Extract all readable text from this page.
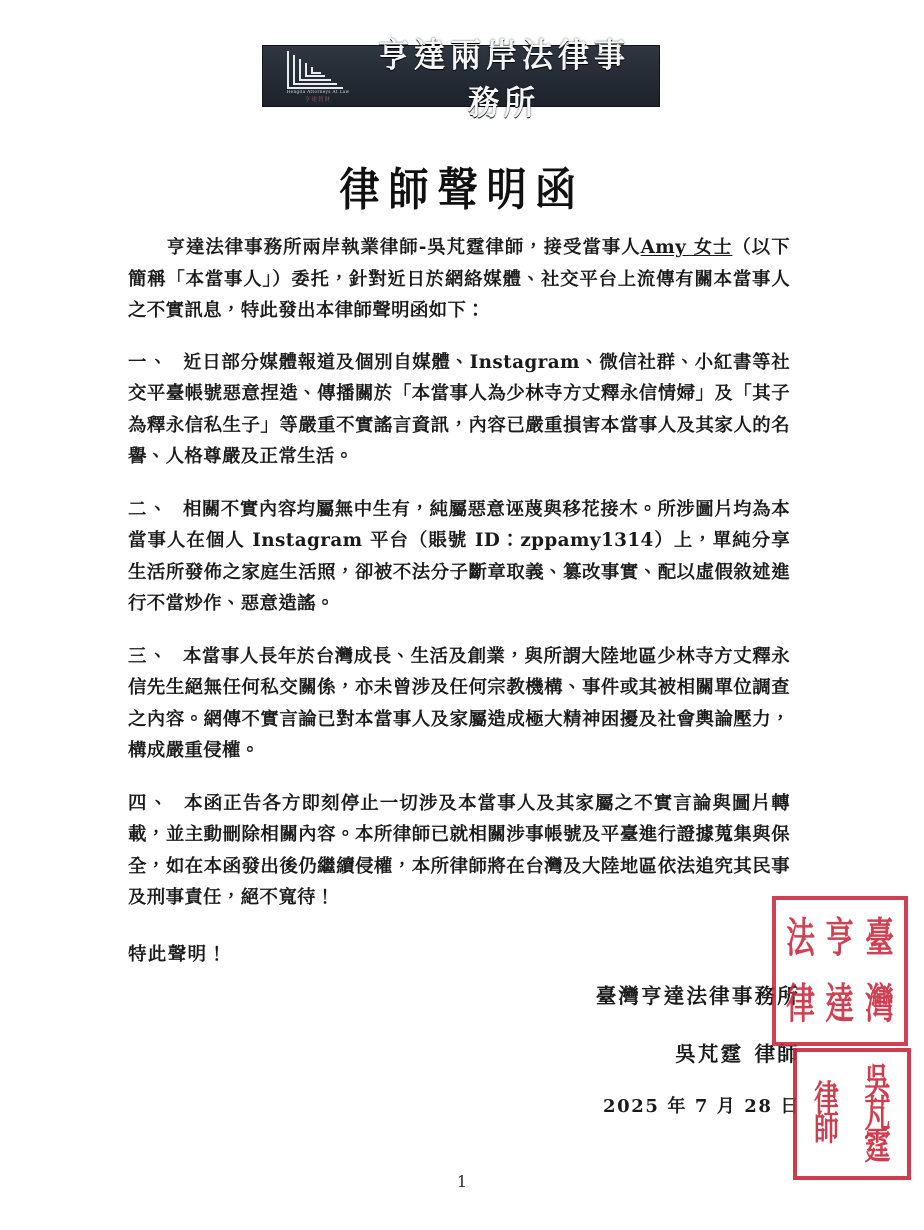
Hengda Attorneys At Law
亨達智財
亨達兩岸法律事務所
律師聲明函

亨達法律事務所兩岸執業律師-吳芃霆律師，接受當事人Amy 女士（以下簡稱「本當事人」）委托，針對近日於網絡媒體、社交平台上流傳有關本當事人之不實訊息，特此發出本律師聲明函如下：

一、 近日部分媒體報道及個別自媒體、Instagram、微信社群、小紅書等社交平臺帳號惡意捏造、傳播關於「本當事人為少林寺方丈釋永信情婦」及「其子為釋永信私生子」等嚴重不實謠言資訊，內容已嚴重損害本當事人及其家人的名譽、人格尊嚴及正常生活。

二、 相關不實內容均屬無中生有，純屬惡意诬蔑與移花接木。所涉圖片均為本當事人在個人 Instagram 平台（賬號 ID：zppamy1314）上，單純分享生活所發佈之家庭生活照，卻被不法分子斷章取義、篡改事實、配以虛假敘述進行不當炒作、惡意造謠。

三、 本當事人長年於台灣成長、生活及創業，與所謂大陸地區少林寺方丈釋永信先生絕無任何私交關係，亦未曾涉及任何宗教機構、事件或其被相關單位調查之內容。網傳不實言論已對本當事人及家屬造成極大精神困擾及社會輿論壓力，構成嚴重侵權。

四、 本函正告各方即刻停止一切涉及本當事人及其家屬之不實言論與圖片轉載，並主動刪除相關內容。本所律師已就相關涉事帳號及平臺進行證據蒐集與保全，如在本函發出後仍繼續侵權，本所律師將在台灣及大陸地區依法追究其民事及刑事責任，絕不寬待！

特此聲明！
臺灣亨達法律事務所
吳芃霆 律師
2025 年 7 月 28 日
臺
亨
法
灣
達
律
吳
芃
霆
律
師
1
